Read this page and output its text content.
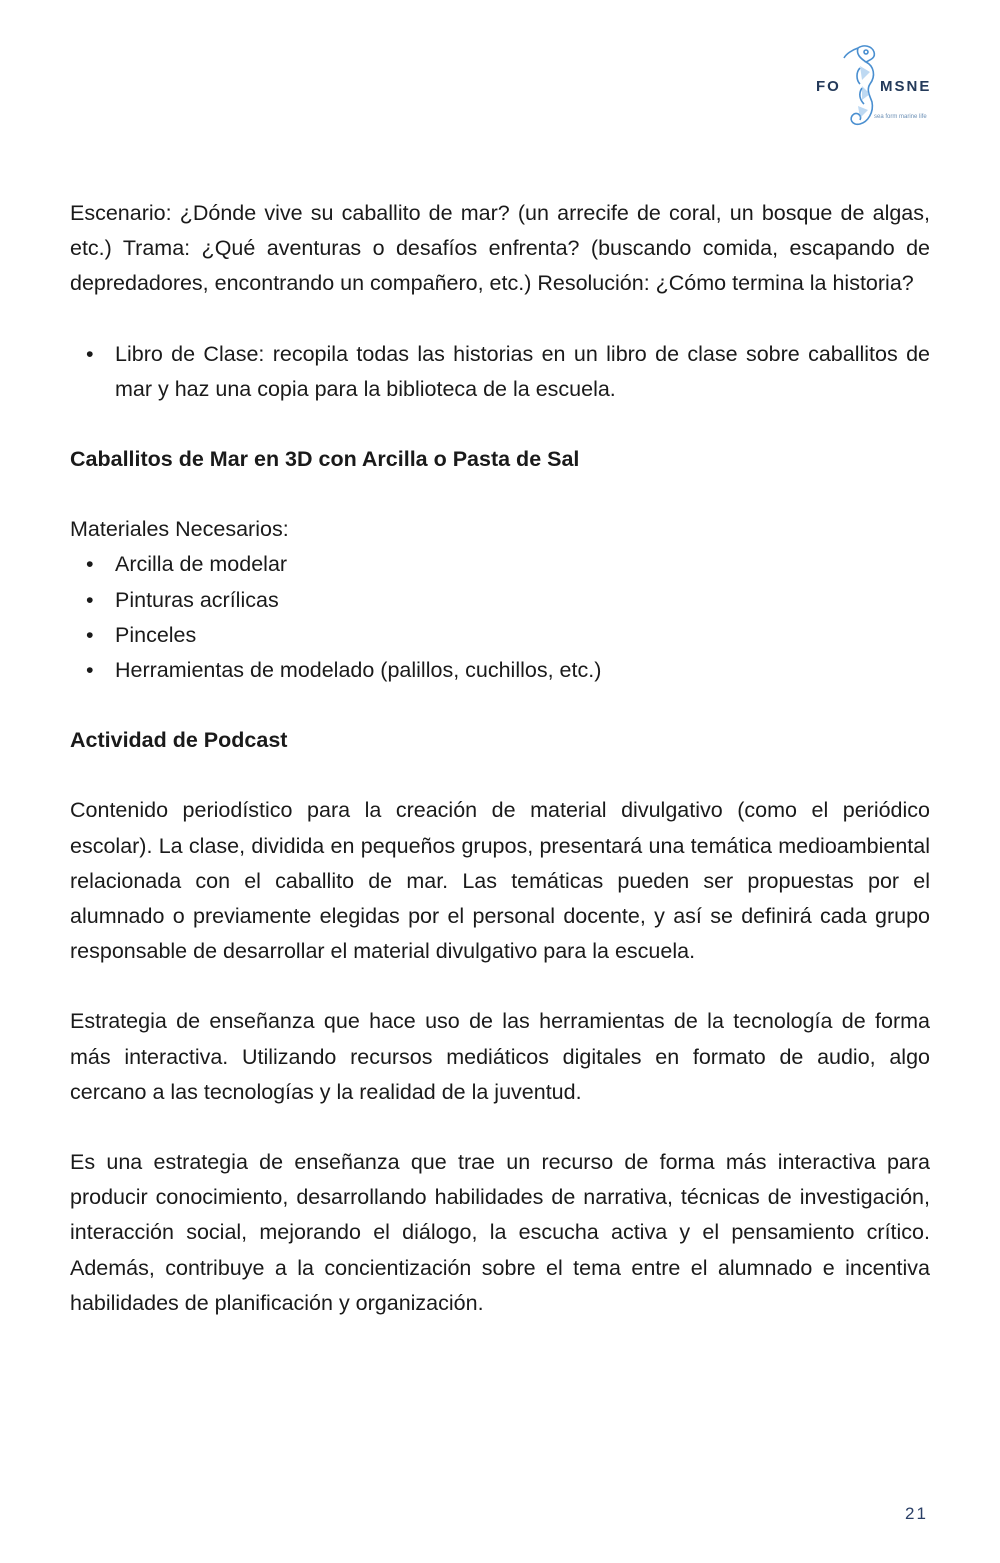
FO	MSNE
sea form marine life

Escenario: ¿Dónde vive su caballito de mar? (un arrecife de coral, un bosque de algas, etc.) Trama: ¿Qué aventuras o desafíos enfrenta? (buscando comida, escapando de depredadores, encontrando un compañero, etc.) Resolución: ¿Cómo termina la historia?

• Libro de Clase: recopila todas las historias en un libro de clase sobre caballitos de mar y haz una copia para la biblioteca de la escuela.

Caballitos de Mar en 3D con Arcilla o Pasta de Sal

Materiales Necesarios:

• Arcilla de modelar
• Pinturas acrílicas
• Pinceles
• Herramientas de modelado (palillos, cuchillos, etc.)

Actividad de Podcast

Contenido periodístico para la creación de material divulgativo (como el periódico escolar). La clase, dividida en pequeños grupos, presentará una temática medioambiental relacionada con el caballito de mar. Las temáticas pueden ser propuestas por el alumnado o previamente elegidas por el personal docente, y así se definirá cada grupo responsable de desarrollar el material divulgativo para la escuela.

Estrategia de enseñanza que hace uso de las herramientas de la tecnología de forma más interactiva. Utilizando recursos mediáticos digitales en formato de audio, algo cercano a las tecnologías y la realidad de la juventud.

Es una estrategia de enseñanza que trae un recurso de forma más interactiva para producir conocimiento, desarrollando habilidades de narrativa, técnicas de investigación, interacción social, mejorando el diálogo, la escucha activa y el pensamiento crítico. Además, contribuye a la concientización sobre el tema entre el alumnado e incentiva habilidades de planificación y organización.

21
